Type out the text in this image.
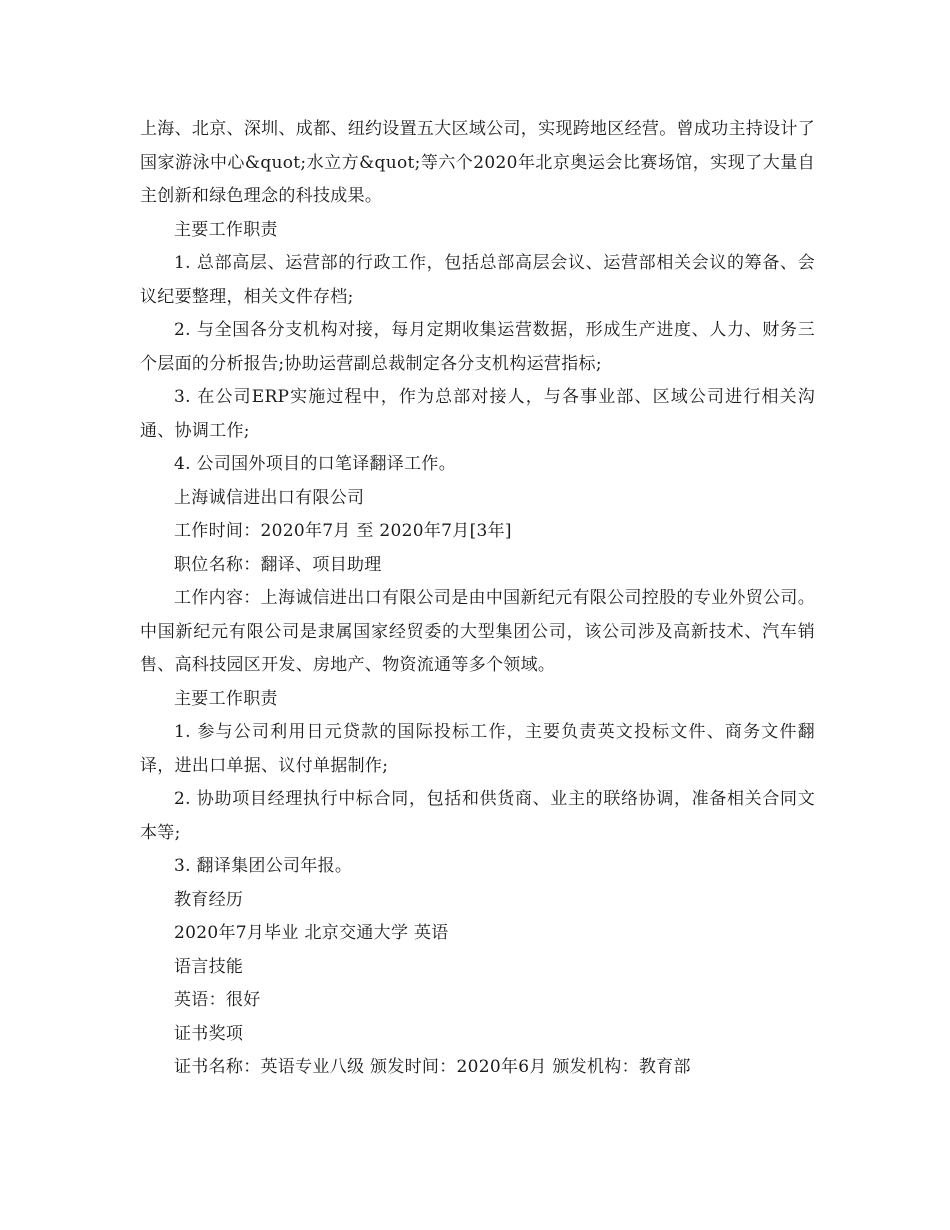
上海、北京、深圳、成都、纽约设置五大区域公司，实现跨地区经营。曾成功主持设计了国家游泳中心&quot;水立方&quot;等六个2020年北京奥运会比赛场馆，实现了大量自主创新和绿色理念的科技成果。

主要工作职责

1. 总部高层、运营部的行政工作，包括总部高层会议、运营部相关会议的筹备、会议纪要整理，相关文件存档;

2. 与全国各分支机构对接，每月定期收集运营数据，形成生产进度、人力、财务三个层面的分析报告;协助运营副总裁制定各分支机构运营指标;

3. 在公司ERP实施过程中，作为总部对接人，与各事业部、区域公司进行相关沟通、协调工作;

4. 公司国外项目的口笔译翻译工作。

上海诚信进出口有限公司

工作时间：2020年7月 至 2020年7月[3年]

职位名称：翻译、项目助理

工作内容：上海诚信进出口有限公司是由中国新纪元有限公司控股的专业外贸公司。中国新纪元有限公司是隶属国家经贸委的大型集团公司，该公司涉及高新技术、汽车销售、高科技园区开发、房地产、物资流通等多个领域。

主要工作职责

1. 参与公司利用日元贷款的国际投标工作，主要负责英文投标文件、商务文件翻译，进出口单据、议付单据制作;

2. 协助项目经理执行中标合同，包括和供货商、业主的联络协调，准备相关合同文本等;

3. 翻译集团公司年报。

教育经历

2020年7月毕业 北京交通大学 英语

语言技能

英语：很好

证书奖项

证书名称：英语专业八级 颁发时间：2020年6月 颁发机构：教育部
